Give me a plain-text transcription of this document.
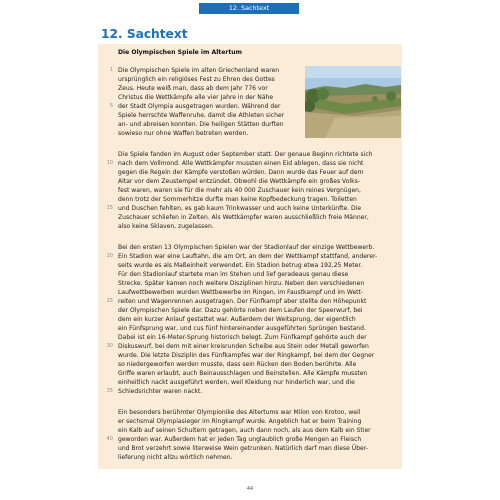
12. Sachtext
12. Sachtext
Die Olympischen Spiele im Altertum
1 Die Olympischen Spiele im alten Griechenland waren
ursprünglich ein religiöses Fest zu Ehren des Gottes
Zeus. Heute weiß man, dass ab dem Jahr 776 vor
Christus die Wettkämpfe alle vier Jahre in der Nähe
5 der Stadt Olympia ausgetragen wurden. Während der
Spiele herrschte Waffenruhe, damit die Athleten sicher
an- und abreisen konnten. Die heiligen Stätten durften
sowieso nur ohne Waffen betreten werden.
Die Spiele fanden im August oder September statt. Der genaue Beginn richtete sich
10 nach dem Vollmond. Alle Wettkämpfer mussten einen Eid ablegen, dass sie nicht
gegen die Regeln der Kämpfe verstoßen würden. Dann wurde das Feuer auf dem
Altar vor dem Zeustempel entzündet. Obwohl die Wettkämpfe ein großes Volks-
fest waren, waren sie für die mehr als 40 000 Zuschauer kein reines Vergnügen,
denn trotz der Sommerhitze durfte man keine Kopfbedeckung tragen. Toiletten
15 und Duschen fehlten, es gab kaum Trinkwasser und auch keine Unterkünfte. Die
Zuschauer schliefen in Zelten. Als Wettkämpfer waren ausschließlich freie Männer,
also keine Sklaven, zugelassen.
Bei den ersten 13 Olympischen Spielen war der Stadionlauf der einzige Wettbewerb.
20 Ein Stadion war eine Lauftahn, die am Ort, an dem der Wettkampf stattfand, anderer-
seits wurde es als Maßeinheit verwendet. Ein Stadion betrug etwa 192,25 Meter.
Für den Stadionlauf startete man im Stehen und lief geradeaus genau diese
Strecke. Später kamen noch weitere Disziplinen hinzu. Neben den verschiedenen
Laufwettbewerben wurden Wettbewerbe im Ringen, im Faustkampf und im Wett-
25 reiten und Wagenrennen ausgetragen. Der Fünfkampf aber stellte den Höhepunkt
der Olympischen Spiele dar. Dazu gehörte neben dem Laufen der Speerwurf, bei
dem ein kurzer Anlauf gestattet war. Außerdem der Weitsprung, der eigentlich
ein Fünfsprung war, und cus fünf hintereinander ausgeführten Sprüngen bestand.
Dabei ist ein 16-Meter-Sprung historisch belegt. Zum Fünfkampf gehörte auch der
30 Diskuswurf, bei dem mit einer kreisrunden Scheibe aus Stein oder Metall geworfen
wurde. Die letzte Disziplin des Fünfkampfes war der Ringkampf, bei dem der Gegner
so niedergeworfen werden musste, dass sein Rücken den Boden berührte. Alle
Griffe waren erlaubt, auch Beinausschlagen und Beinstellen. Alle Kämpfe mussten
einheitlich nackt ausgeführt werden, weil Kleidung nur hinderlich war, und die
35 Schiedsrichter waren nackt.
Ein besonders berühmter Olympionike des Altertums war Milon von Kroton, weil
er sechsmal Olympiasieger im Ringkampf wurde. Angeblich hat er beim Training
ein Kalb auf seinen Schultern getragen, auch dann noch, als aus dem Kalb ein Stier
40 geworden war. Außerdem hat er jeden Tag unglaublich große Mengen an Fleisch
und Brot verzehrt sowie literweise Wein getrunken. Natürlich darf man diese Über-
lieferung nicht allzu wörtlich nehmen.
44
